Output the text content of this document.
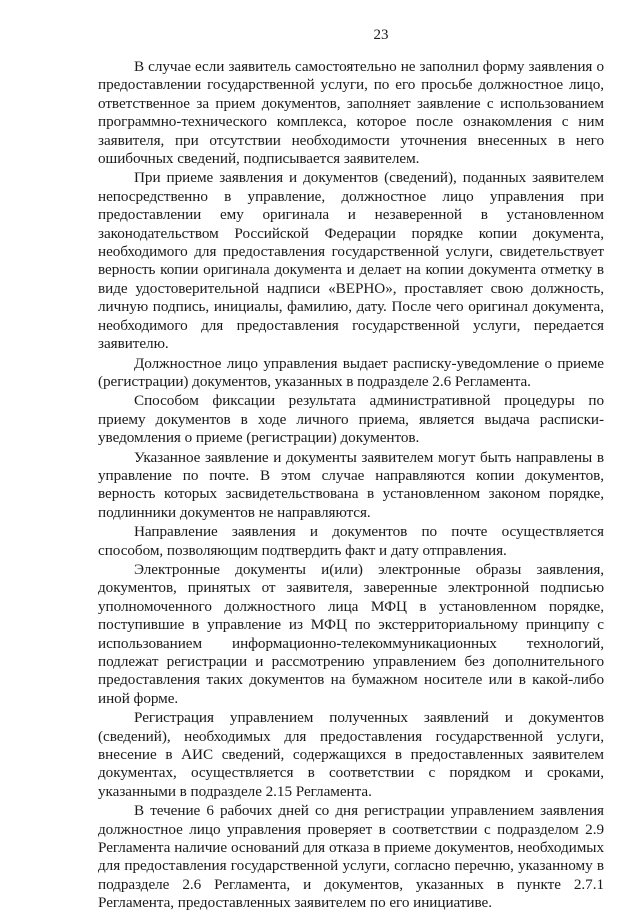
23

В случае если заявитель самостоятельно не заполнил форму заявления о предоставлении государственной услуги, по его просьбе должностное лицо, ответственное за прием документов, заполняет заявление с использованием программно-технического комплекса, которое после ознакомления с ним заявителя, при отсутствии необходимости уточнения внесенных в него ошибочных сведений, подписывается заявителем.

При приеме заявления и документов (сведений), поданных заявителем непосредственно в управление, должностное лицо управления при предоставлении ему оригинала и незаверенной в установленном законодательством Российской Федерации порядке копии документа, необходимого для предоставления государственной услуги, свидетельствует верность копии оригинала документа и делает на копии документа отметку в виде удостоверительной надписи «ВЕРНО», проставляет свою должность, личную подпись, инициалы, фамилию, дату. После чего оригинал документа, необходимого для предоставления государственной услуги, передается заявителю.

Должностное лицо управления выдает расписку-уведомление о приеме (регистрации) документов, указанных в подразделе 2.6 Регламента.

Способом фиксации результата административной процедуры по приему документов в ходе личного приема, является выдача расписки-уведомления о приеме (регистрации) документов.

Указанное заявление и документы заявителем могут быть направлены в управление по почте. В этом случае направляются копии документов, верность которых засвидетельствована в установленном законом порядке, подлинники документов не направляются.

Направление заявления и документов по почте осуществляется способом, позволяющим подтвердить факт и дату отправления.

Электронные документы и(или) электронные образы заявления, документов, принятых от заявителя, заверенные электронной подписью уполномоченного должностного лица МФЦ в установленном порядке, поступившие в управление из МФЦ по экстерриториальному принципу с использованием информационно-телекоммуникационных технологий, подлежат регистрации и рассмотрению управлением без дополнительного предоставления таких документов на бумажном носителе или в какой-либо иной форме.

Регистрация управлением полученных заявлений и документов (сведений), необходимых для предоставления государственной услуги, внесение в АИС сведений, содержащихся в предоставленных заявителем документах, осуществляется в соответствии с порядком и сроками, указанными в подразделе 2.15 Регламента.

В течение 6 рабочих дней со дня регистрации управлением заявления должностное лицо управления проверяет в соответствии с подразделом 2.9 Регламента наличие оснований для отказа в приеме документов, необходимых для предоставления государственной услуги, согласно перечню, указанному в подразделе 2.6 Регламента, и документов, указанных в пункте 2.7.1 Регламента, предоставленных заявителем по его инициативе.
